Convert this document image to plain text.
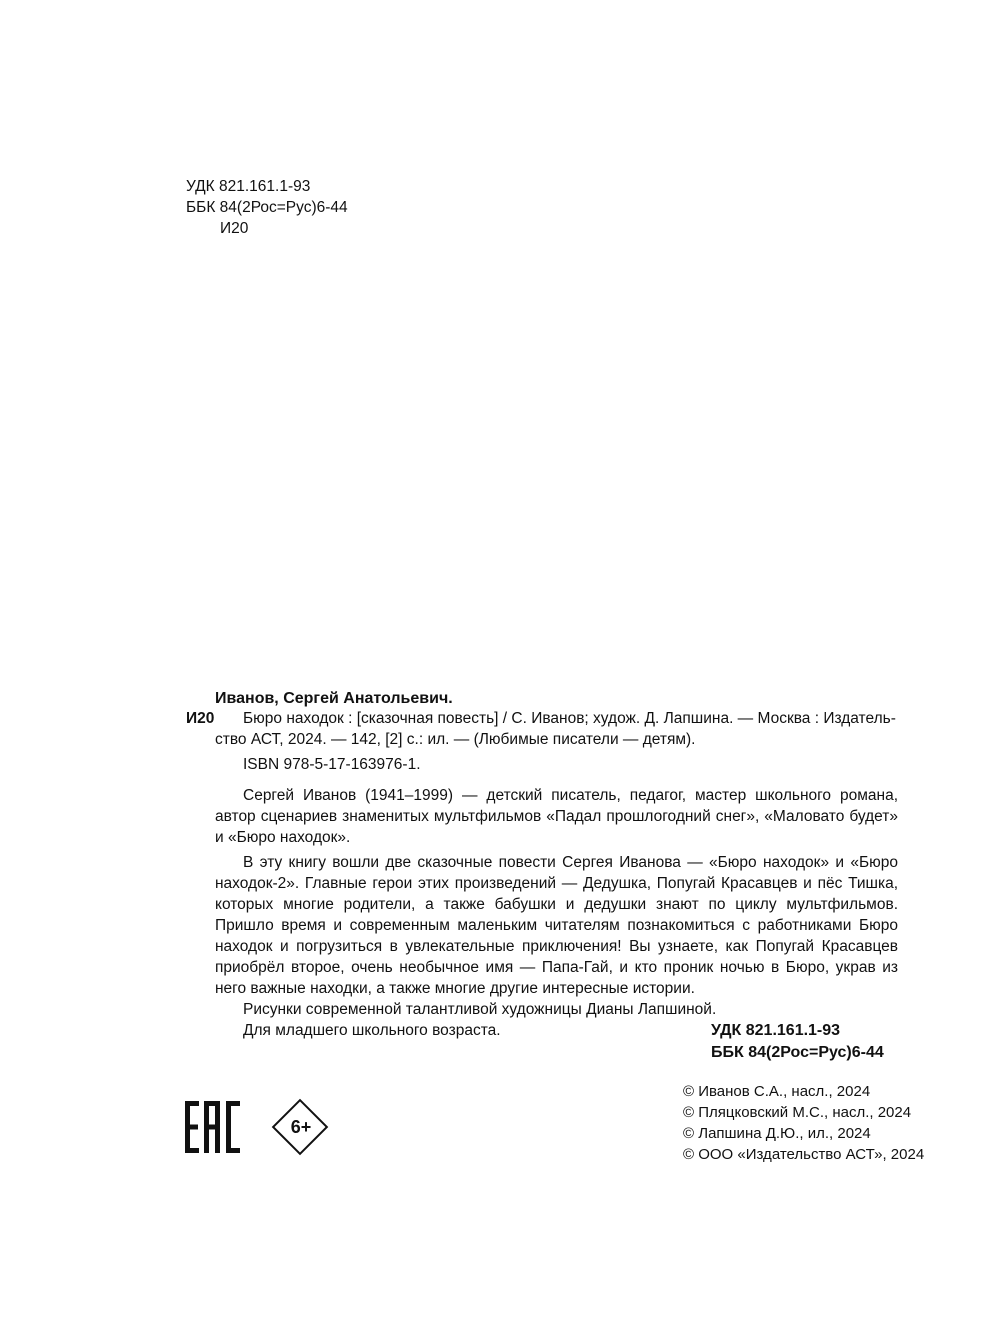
УДК 821.161.1-93
ББК 84(2Рос=Рус)6-44
И20
Иванов, Сергей Анатольевич.
И20	Бюро находок : [сказочная повесть] / С. Иванов; худож. Д. Лапшина. — Москва : Издатель-
ство АСТ, 2024. — 142, [2] с.: ил. — (Любимые писатели — детям).
ISBN 978-5-17-163976-1.

Сергей Иванов (1941–1999) — детский писатель, педагог, мастер школьного романа, автор сценариев знаменитых мультфильмов «Падал прошлогодний снег», «Маловато будет» и «Бюро находок».

В эту книгу вошли две сказочные повести Сергея Иванова — «Бюро находок» и «Бюро находок-2». Главные герои этих произведений — Дедушка, Попугай Красавцев и пёс Тишка, которых многие родители, а также бабушки и дедушки знают по циклу мультфильмов. Пришло время и современным маленьким читателям познакомиться с работниками Бюро находок и погрузиться в увлекательные приключения! Вы узнаете, как Попугай Красавцев приобрёл второе, очень необычное имя — Папа-Гай, и кто проник ночью в Бюро, украв из него важные находки, а также многие другие интересные истории.

Рисунки современной талантливой художницы Дианы Лапшиной.
Для младшего школьного возраста.	УДК 821.161.1-93
ББК 84(2Рос=Рус)6-44
© Иванов С.А., насл., 2024
© Пляцковский М.С., насл., 2024
© Лапшина Д.Ю., ил., 2024
© ООО «Издательство АСТ», 2024
6+
